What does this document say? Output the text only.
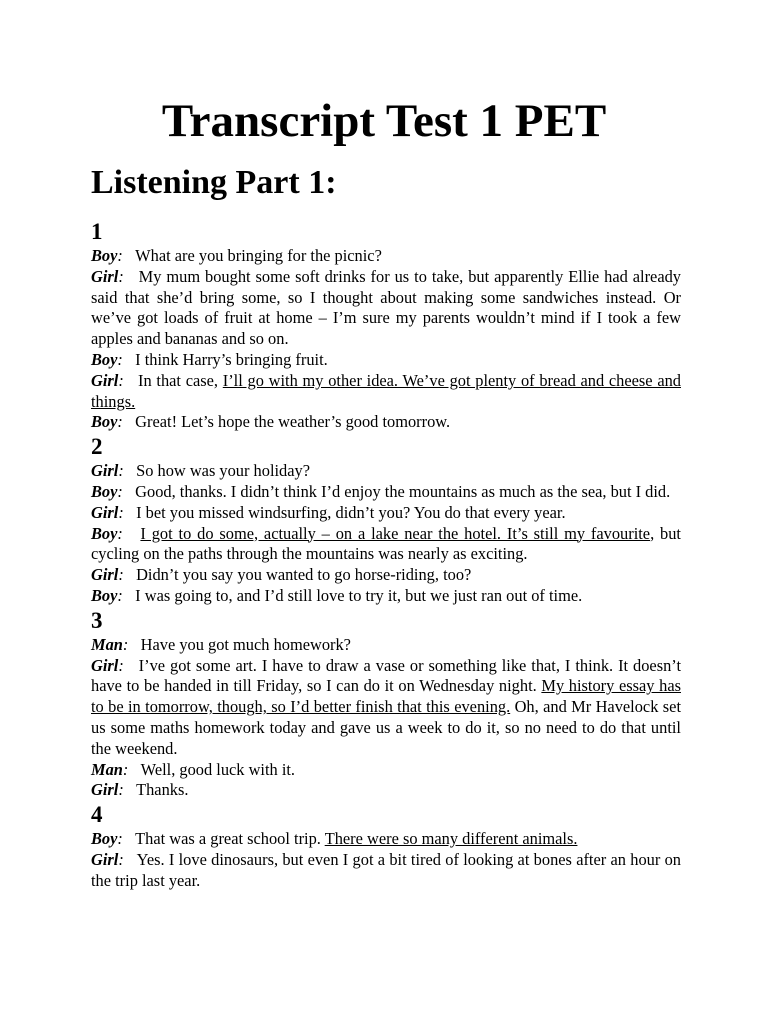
Transcript Test 1 PET
Listening Part 1:
1

Boy:   What are you bringing for the picnic?

Girl:   My mum bought some soft drinks for us to take, but apparently Ellie had already said that she’d bring some, so I thought about making some sandwiches instead. Or we’ve got loads of fruit at home – I’m sure my parents wouldn’t mind if I took a few apples and bananas and so on.

Boy:   I think Harry’s bringing fruit.

Girl:   In that case, I’ll go with my other idea. We’ve got plenty of bread and cheese and things.

Boy:   Great! Let’s hope the weather’s good tomorrow.

2

Girl:   So how was your holiday?

Boy:   Good, thanks. I didn’t think I’d enjoy the mountains as much as the sea, but I did.

Girl:   I bet you missed windsurfing, didn’t you? You do that every year.

Boy:   I got to do some, actually – on a lake near the hotel. It’s still my favourite, but cycling on the paths through the mountains was nearly as exciting.

Girl:   Didn’t you say you wanted to go horse-riding, too?

Boy:   I was going to, and I’d still love to try it, but we just ran out of time.

3

Man:   Have you got much homework?

Girl:   I’ve got some art. I have to draw a vase or something like that, I think. It doesn’t have to be handed in till Friday, so I can do it on Wednesday night. My history essay has to be in tomorrow, though, so I’d better finish that this evening. Oh, and Mr Havelock set us some maths homework today and gave us a week to do it, so no need to do that until the weekend.

Man:   Well, good luck with it.

Girl:   Thanks.

4

Boy:   That was a great school trip. There were so many different animals.

Girl:   Yes. I love dinosaurs, but even I got a bit tired of looking at bones after an hour on the trip last year.
